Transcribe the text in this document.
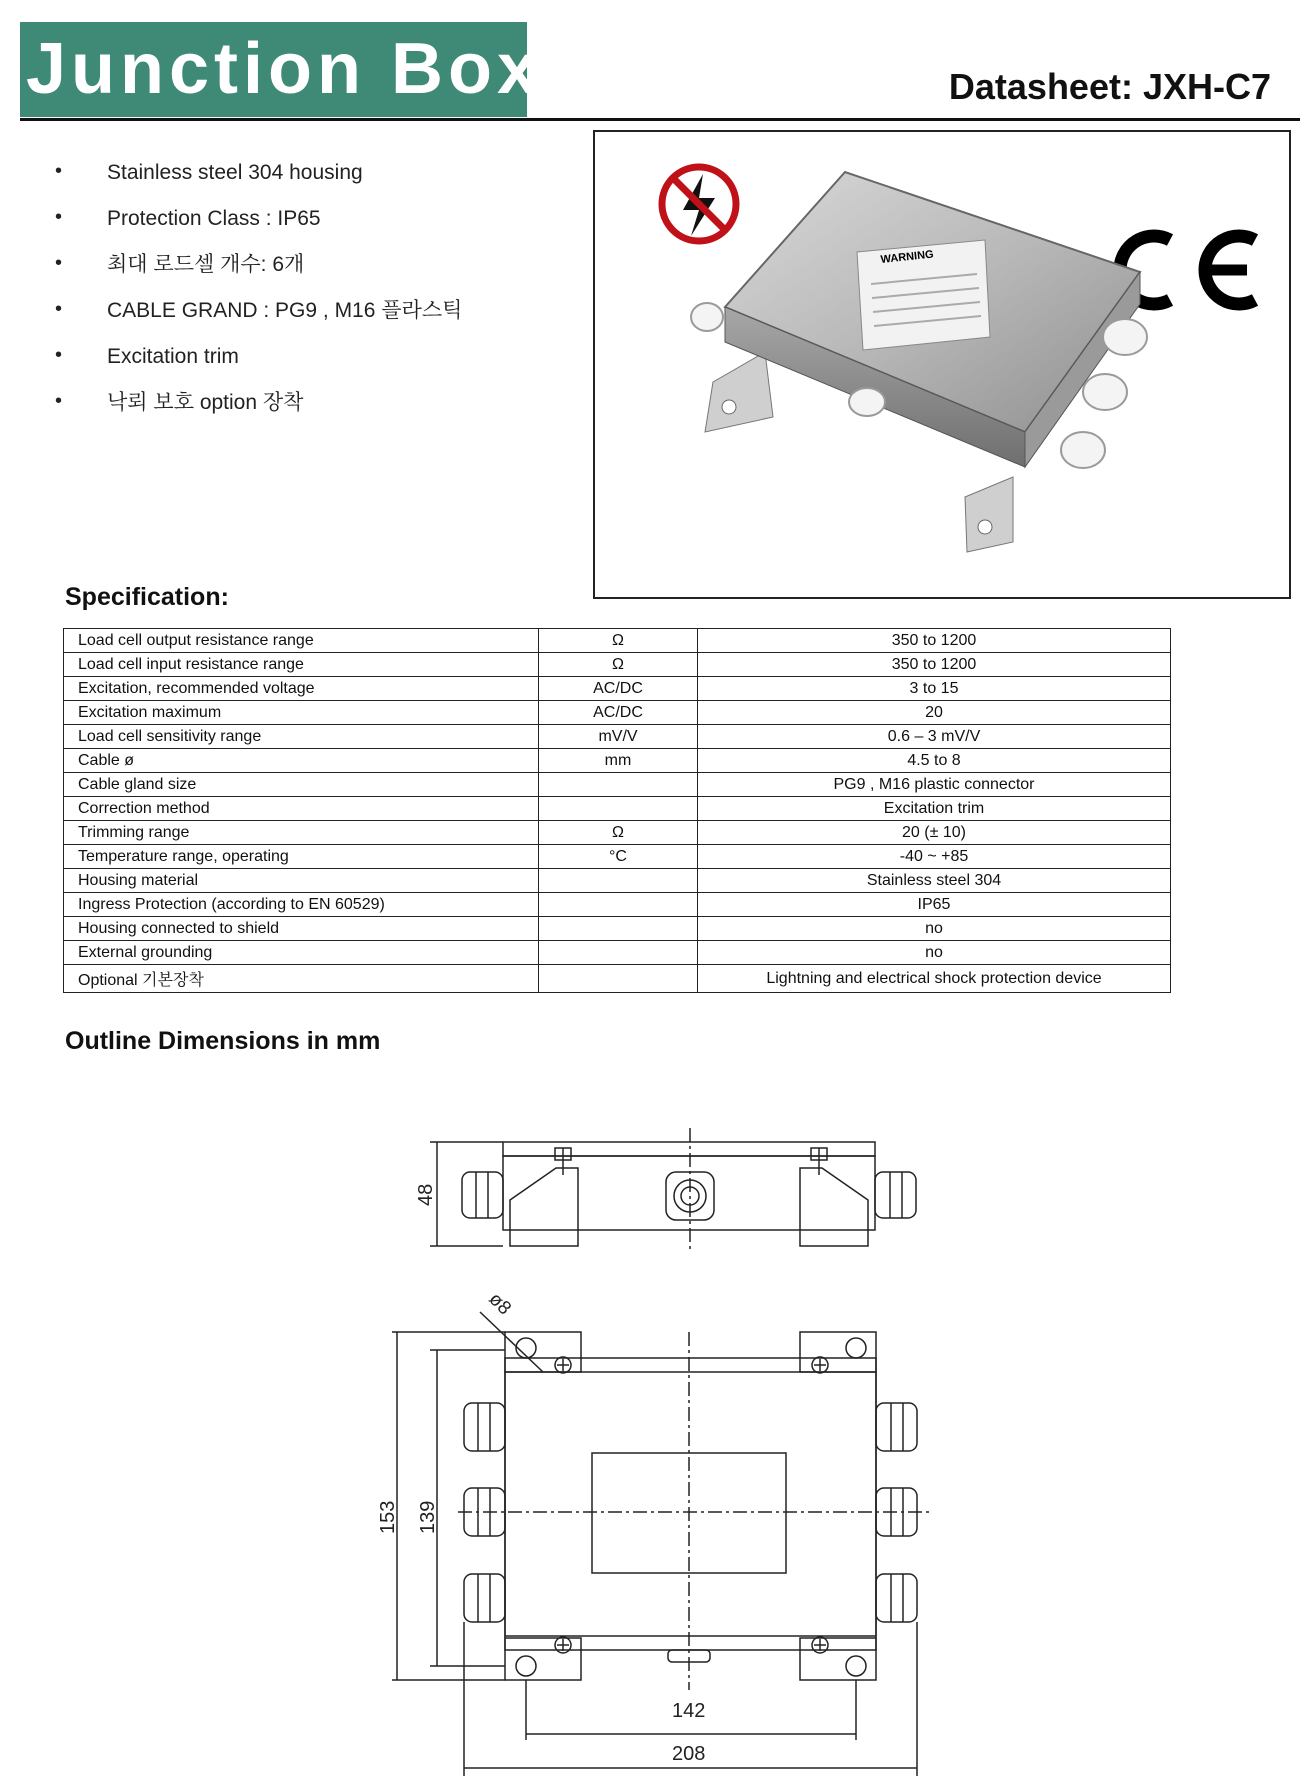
Junction Box	Datasheet: JXH-C7
• Stainless steel 304 housing
• Protection Class : IP65
• 최대 로드셀 개수: 6개
• CABLE GRAND : PG9 , M16 플라스틱
• Excitation trim
• 낙뢰 보호 option 장착
WARNING
Specification:
Load cell output resistance range	Ω	350 to 1200
Load cell input resistance range	Ω	350 to 1200
Excitation, recommended voltage	AC/DC	3 to 15
Excitation maximum	AC/DC	20
Load cell sensitivity range	mV/V	0.6 – 3 mV/V
Cable ø	mm	4.5 to 8
Cable gland size		PG9 , M16 plastic connector
Correction method		Excitation trim
Trimming range	Ω	20 (± 10)
Temperature range, operating	°C	-40 ~ +85
Housing material		Stainless steel 304
Ingress Protection (according to EN 60529)		IP65
Housing connected to shield		no
External grounding		no
Optional 기본장착		Lightning and electrical shock protection device
Outline Dimensions in mm
48
ø8
153 139
142
208
